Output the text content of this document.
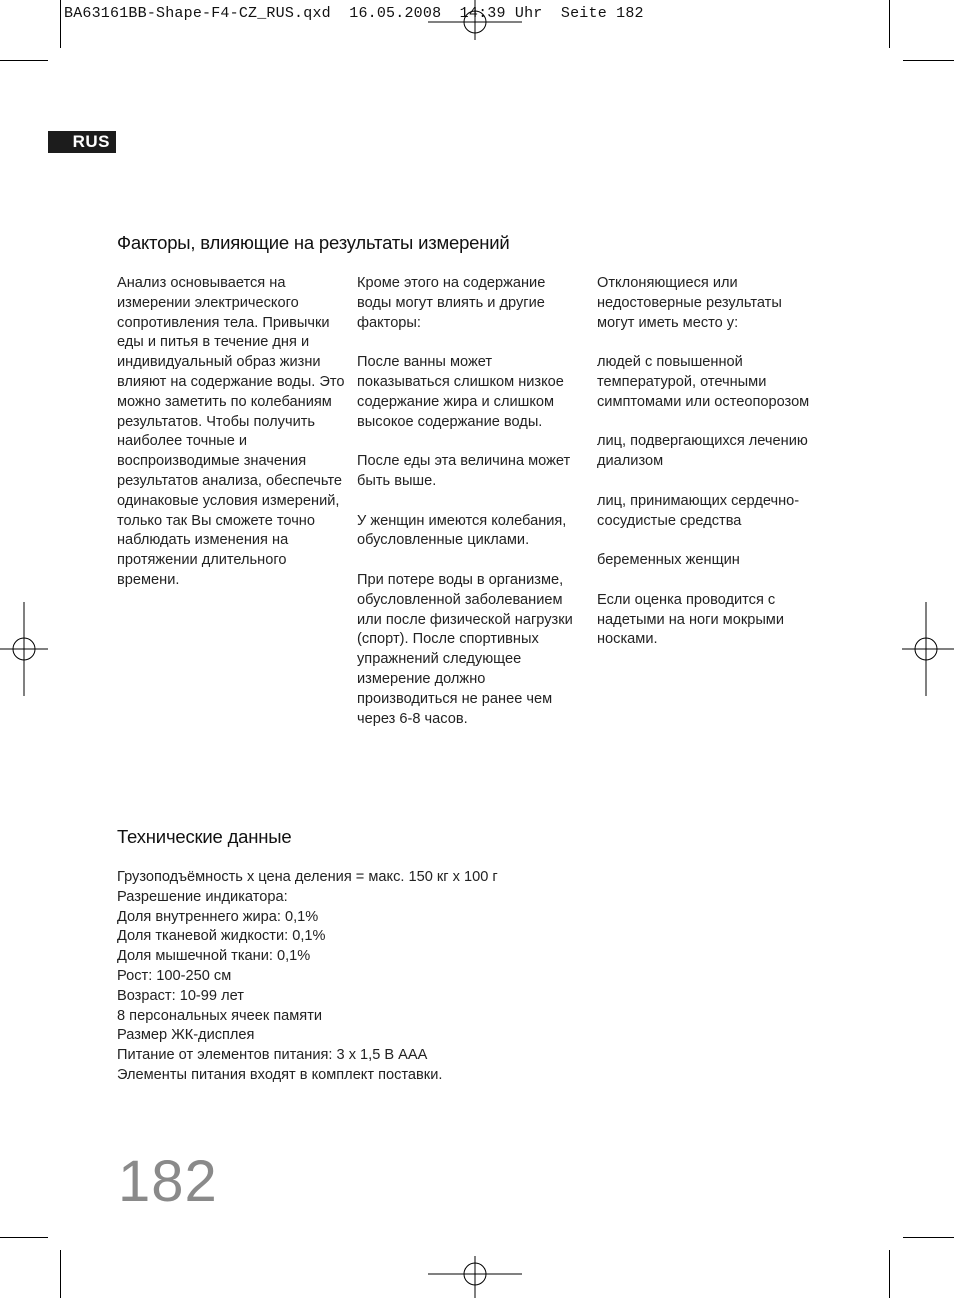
BA63161BB-Shape-F4-CZ_RUS.qxd 16.05.2008 14:39 Uhr Seite 182
RUS
Факторы, влияющие на результаты измерений

Анализ основывается на измерении электрического сопротивления тела. Привычки еды и питья в течение дня и индивидуальный образ жизни влияют на содержание воды. Это можно заметить по колебаниям результатов. Чтобы получить наиболее точные и воспроизводимые значения результатов анализа, обеспечьте одинаковые условия измерений, только так Вы сможете точно наблюдать изменения на протяжении длительного времени.

Кроме этого на содержание воды могут влиять и другие факторы:

После ванны может показываться слишком низкое содержание жира и слишком высокое содержание воды.

После еды эта величина может быть выше.

У женщин имеются колебания, обусловленные циклами.

При потере воды в организме, обусловленной заболеванием или после физической нагрузки (спорт). После спортивных упражнений следующее измерение должно производиться не ранее чем через 6-8 часов.

Отклоняющиеся или недостоверные результаты могут иметь место у:

людей с повышенной температурой, отечными симптомами или остеопорозом

лиц, подвергающихся лечению диализом

лиц, принимающих сердечно-сосудистые средства

беременных женщин

Если оценка проводится с надетыми на ноги мокрыми носками.

Технические данные
Грузоподъёмность х цена деления = макс. 150 кг х 100 г
Разрешение индикатора:
Доля внутреннего жира: 0,1%
Доля тканевой жидкости: 0,1%
Доля мышечной ткани: 0,1%
Рост: 100-250 см
Возраст: 10-99 лет
8 персональных ячеек памяти
Размер ЖК-дисплея
Питание от элементов питания: 3 х 1,5 В ААА
Элементы питания входят в комплект поставки.
182
